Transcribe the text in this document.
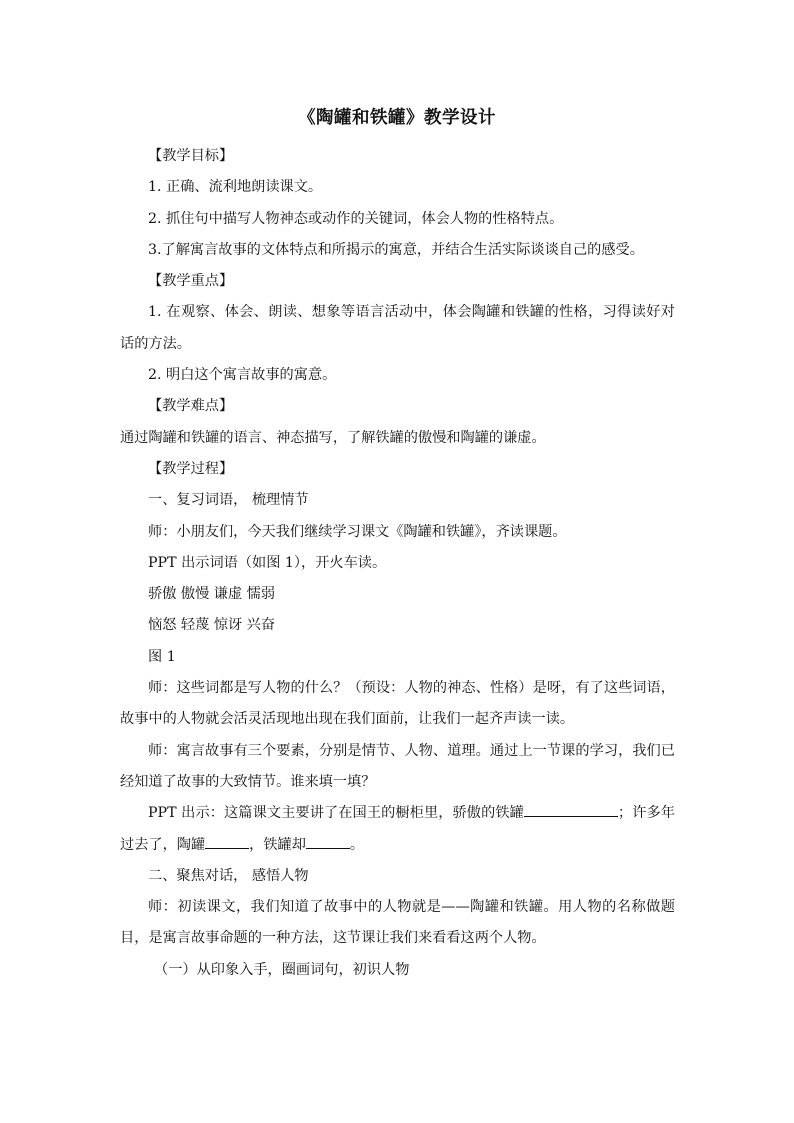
《陶罐和铁罐》教学设计

【教学目标】

1. 正确、流利地朗读课文。

2. 抓住句中描写人物神态或动作的关键词，体会人物的性格特点。

3.了解寓言故事的文体特点和所揭示的寓意，并结合生活实际谈谈自己的感受。

【教学重点】

1. 在观察、体会、朗读、想象等语言活动中，体会陶罐和铁罐的性格，习得读好对话的方法。

2. 明白这个寓言故事的寓意。

【教学难点】

通过陶罐和铁罐的语言、神态描写，了解铁罐的傲慢和陶罐的谦虚。

【教学过程】

一、复习词语， 梳理情节

师：小朋友们，今天我们继续学习课文《陶罐和铁罐》，齐读课题。

PPT 出示词语（如图 1），开火车读。

骄傲 傲慢 谦虚 懦弱

恼怒 轻蔑 惊讶 兴奋

图 1

师：这些词都是写人物的什么？（预设：人物的神态、性格）是呀，有了这些词语，故事中的人物就会活灵活现地出现在我们面前，让我们一起齐声读一读。

师：寓言故事有三个要素，分别是情节、人物、道理。通过上一节课的学习，我们已经知道了故事的大致情节。谁来填一填？

PPT 出示：这篇课文主要讲了在国王的橱柜里，骄傲的铁罐	；许多年过去了，陶罐	，铁罐却	。

二、聚焦对话， 感悟人物

师：初读课文，我们知道了故事中的人物就是——陶罐和铁罐。用人物的名称做题目，是寓言故事命题的一种方法，这节课让我们来看看这两个人物。

（一）从印象入手，圈画词句，初识人物
